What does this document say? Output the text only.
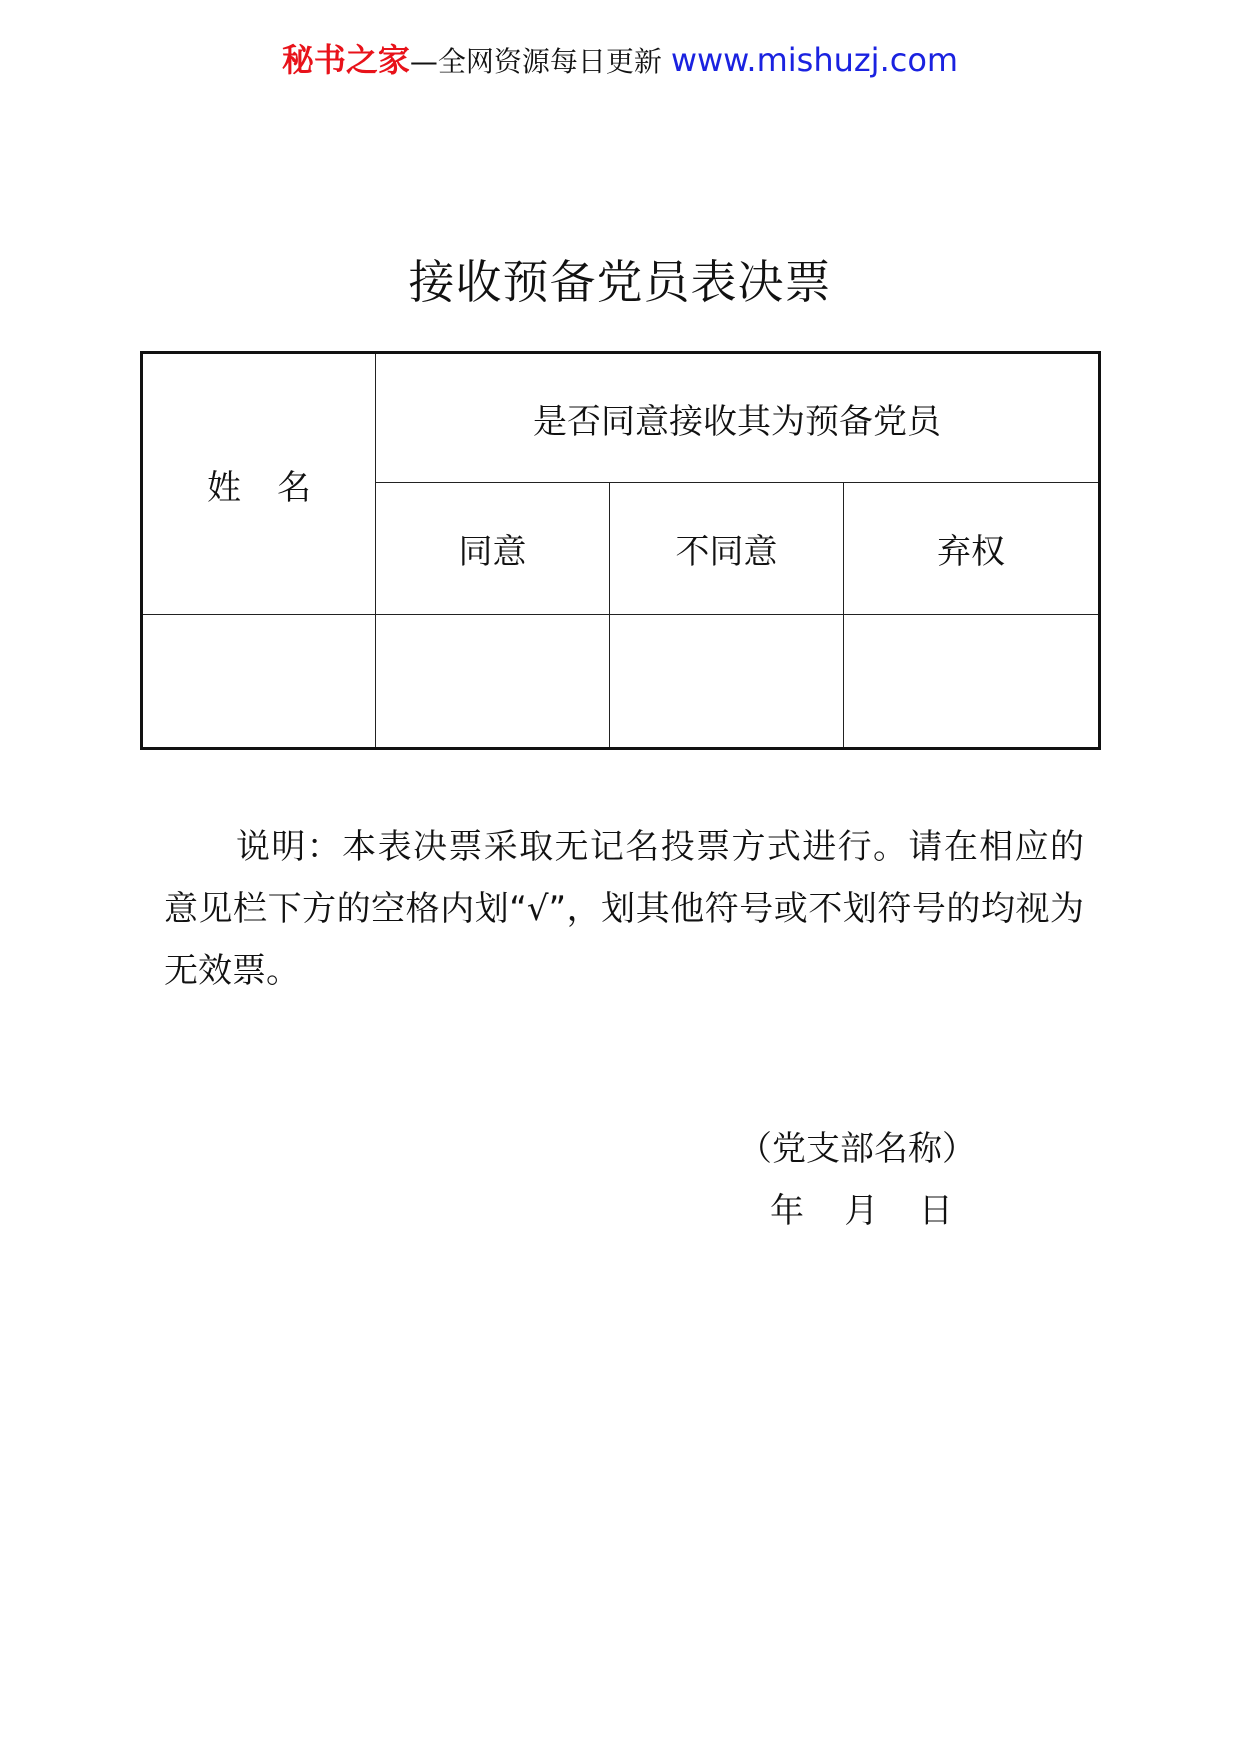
秘书之家—全网资源每日更新 www.mishuzj.com
接收预备党员表决票
姓名	是否同意接收其为预备党员		
	同意	不同意	弃权

说明：本表决票采取无记名投票方式进行。请在相应的意见栏下方的空格内划“√”，划其他符号或不划符号的均视为无效票。
（党支部名称）
年   月   日
